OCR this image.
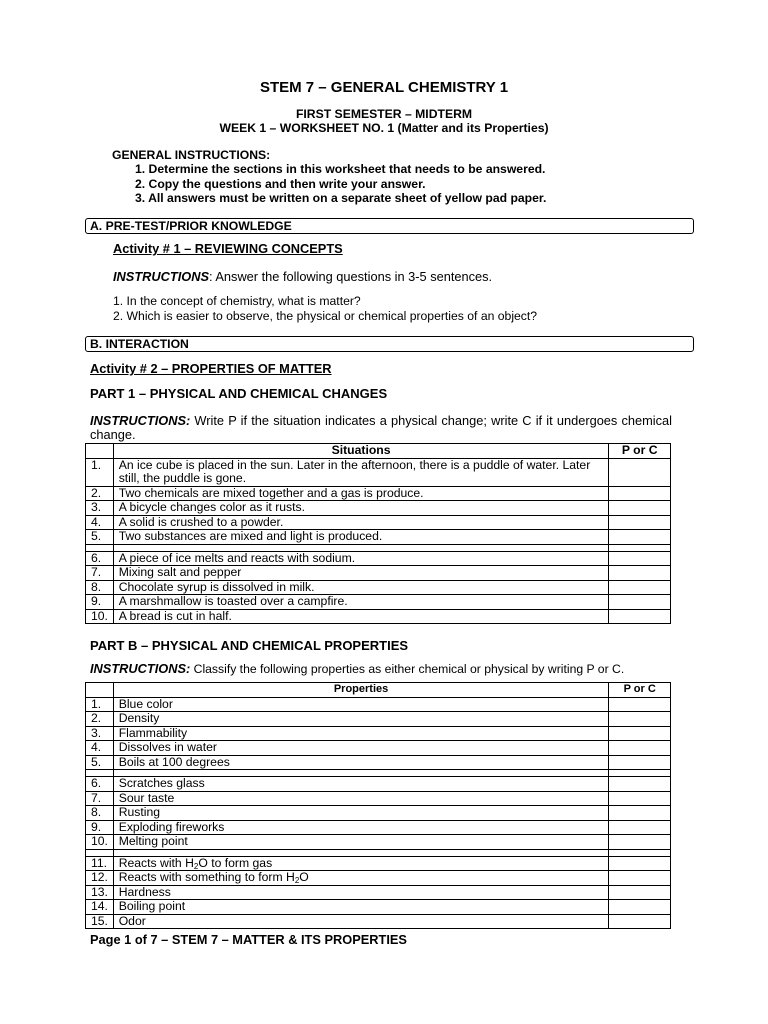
STEM 7 – GENERAL CHEMISTRY 1
FIRST SEMESTER – MIDTERM
WEEK 1 – WORKSHEET NO. 1 (Matter and its Properties)
GENERAL INSTRUCTIONS:
1. Determine the sections in this worksheet that needs to be answered.
2. Copy the questions and then write your answer.
3. All answers must be written on a separate sheet of yellow pad paper.
A. PRE-TEST/PRIOR KNOWLEDGE
Activity # 1 – REVIEWING CONCEPTS
INSTRUCTIONS: Answer the following questions in 3-5 sentences.
1. In the concept of chemistry, what is matter?
2. Which is easier to observe, the physical or chemical properties of an object?
B. INTERACTION
Activity # 2 – PROPERTIES OF MATTER
PART 1 – PHYSICAL AND CHEMICAL CHANGES
INSTRUCTIONS: Write P if the situation indicates a physical change; write C if it undergoes chemical change.
	Situations	P or C
1.	An ice cube is placed in the sun. Later in the afternoon, there is a puddle of water. Later still, the puddle is gone.	
2.	Two chemicals are mixed together and a gas is produce.	
3.	A bicycle changes color as it rusts.	
4.	A solid is crushed to a powder.	
5.	Two substances are mixed and light is produced.	

6.	A piece of ice melts and reacts with sodium.	
7.	Mixing salt and pepper	
8.	Chocolate syrup is dissolved in milk.	
9.	A marshmallow is toasted over a campfire.	
10.	A bread is cut in half.	
PART B – PHYSICAL AND CHEMICAL PROPERTIES
INSTRUCTIONS: Classify the following properties as either chemical or physical by writing P or C.
	Properties	P or C
1.	Blue color	
2.	Density	
3.	Flammability	
4.	Dissolves in water	
5.	Boils at 100 degrees	

6.	Scratches glass	
7.	Sour taste	
8.	Rusting	
9.	Exploding fireworks	
10.	Melting point	

11.	Reacts with $H_2O$ to form gas	
12.	Reacts with something to form $H_2O$	
13.	Hardness	
14.	Boiling point	
15.	Odor	
Page 1 of 7 – STEM 7 – MATTER & ITS PROPERTIES
